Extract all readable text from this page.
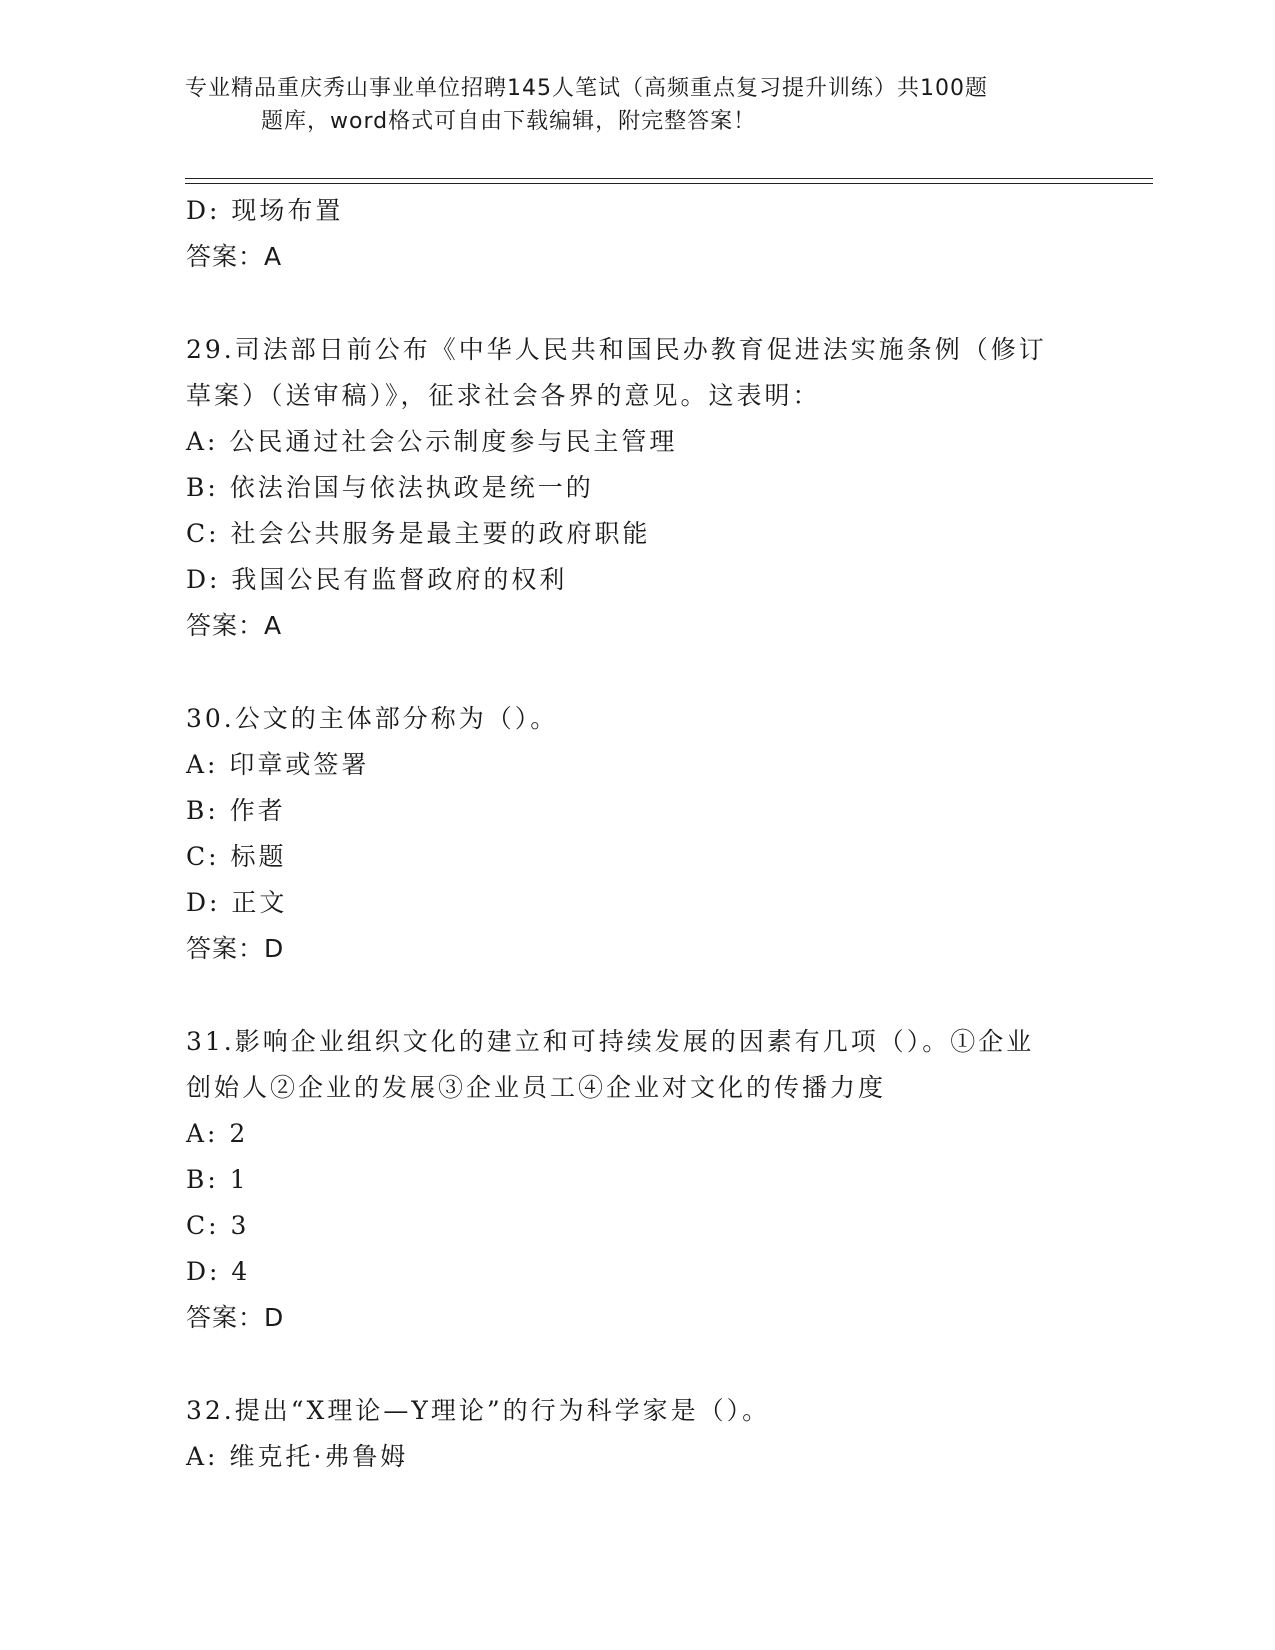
专业精品重庆秀山事业单位招聘145人笔试（高频重点复习提升训练）共100题
题库，word格式可自由下载编辑，附完整答案！
D: 现场布置
答案：A
29.司法部日前公布《中华人民共和国民办教育促进法实施条例（修订
草案）（送审稿）》，征求社会各界的意见。这表明：
A: 公民通过社会公示制度参与民主管理
B: 依法治国与依法执政是统一的
C: 社会公共服务是最主要的政府职能
D: 我国公民有监督政府的权利
答案：A
30.公文的主体部分称为（）。
A: 印章或签署
B: 作者
C: 标题
D: 正文
答案：D
31.影响企业组织文化的建立和可持续发展的因素有几项（）。①企业
创始人②企业的发展③企业员工④企业对文化的传播力度
A: 2
B: 1
C: 3
D: 4
答案：D
32.提出“X理论—Y理论”的行为科学家是（）。
A: 维克托·弗鲁姆
